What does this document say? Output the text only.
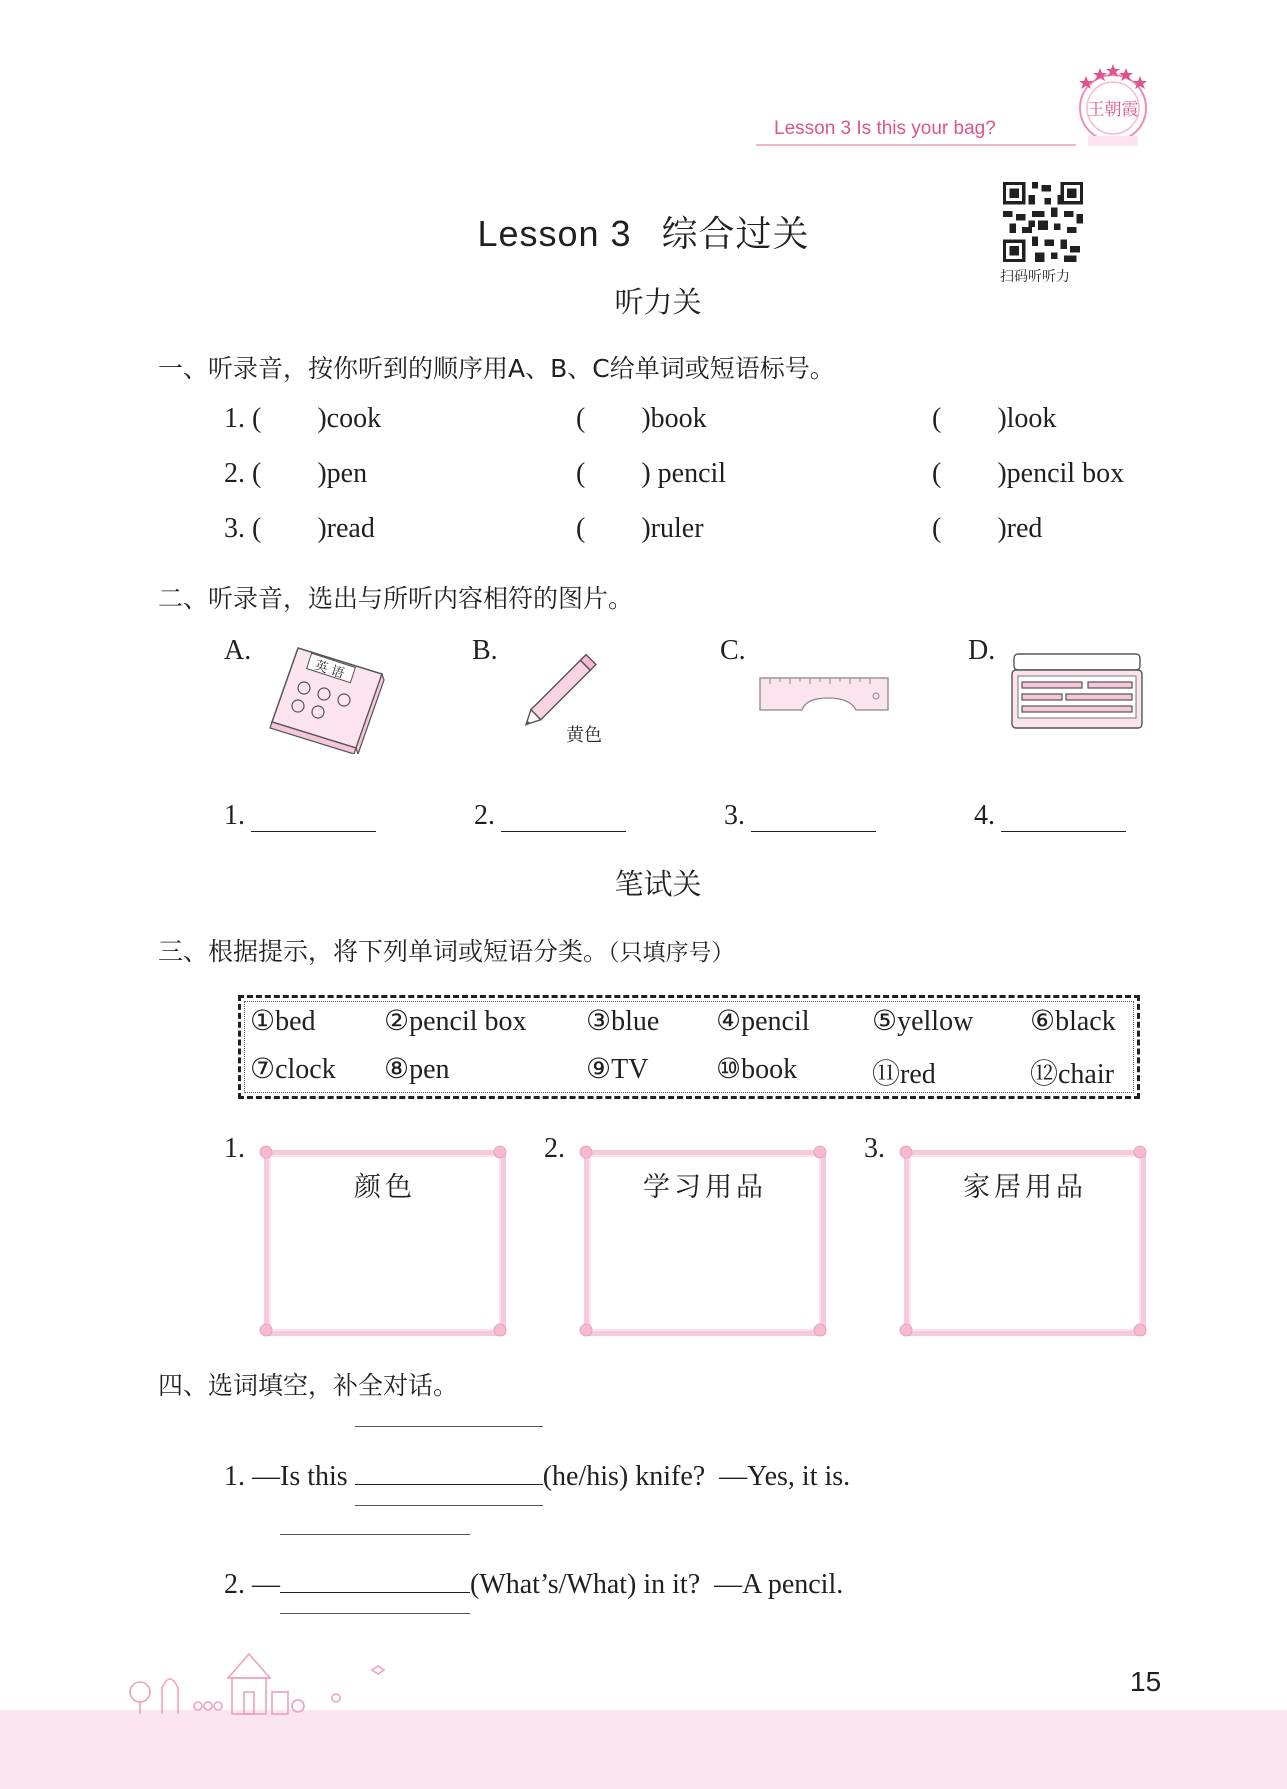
Lesson 3 Is this your bag?
王朝霞
Lesson 3 综合过关
扫码听听力
听力关
一、听录音，按你听到的顺序用A、B、C给单词或短语标号。
1. (        )cook	(        )book	(        )look
2. (        )pen	(        ) pencil	(        )pencil box
3. (        )read	(        )ruler	(        )red
二、听录音，选出与所听内容相符的图片。
A.	B.	C.	D.
英 语
黄色
1.	2.	3.	4.
笔试关
三、根据提示，将下列单词或短语分类。（只填序号）
①bed ②pencil box ③blue ④pencil ⑤yellow ⑥black
⑦clock ⑧pen	⑨TV ⑩book	⑪red	⑫chair
1.
颜色
2.
学习用品
3.
家居用品
四、选词填空，补全对话。
1. —Is this	(he/his) knife?  —Yes, it is.
2. —	(What’s/What) in it?  —A pencil.
15
